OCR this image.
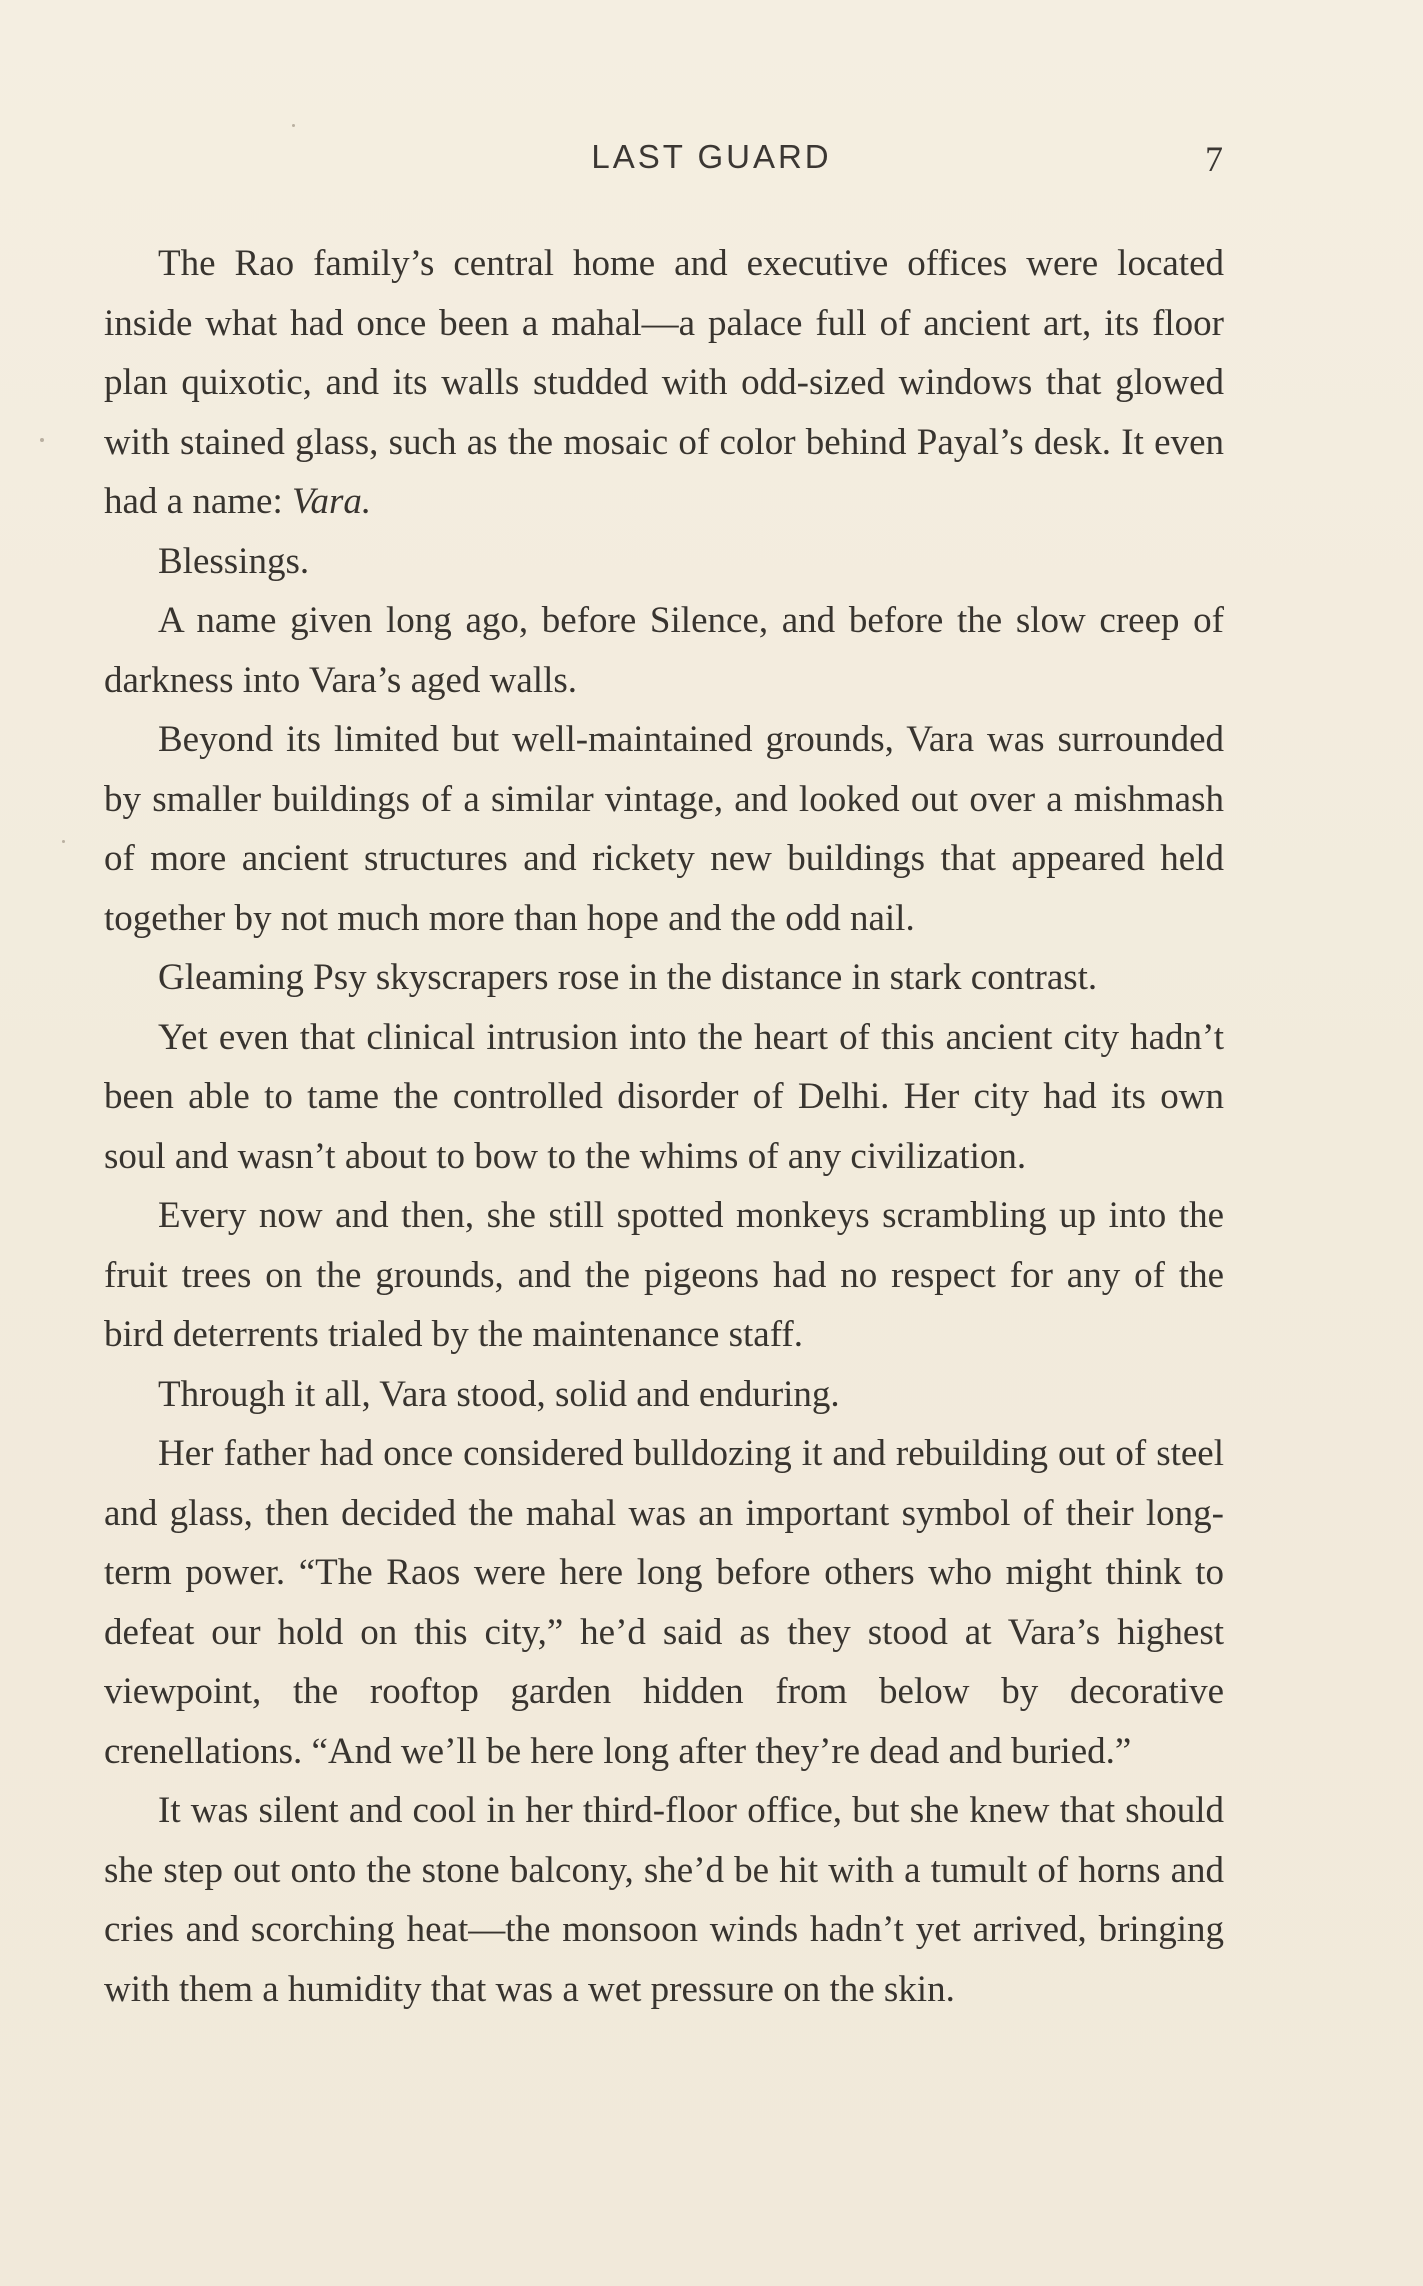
LAST GUARD	7

The Rao family’s central home and executive offices were located inside what had once been a mahal—a palace full of ancient art, its floor plan quixotic, and its walls studded with odd-sized windows that glowed with stained glass, such as the mosaic of color behind Payal’s desk. It even had a name: Vara.

Blessings.

A name given long ago, before Silence, and before the slow creep of darkness into Vara’s aged walls.

Beyond its limited but well-maintained grounds, Vara was surrounded by smaller buildings of a similar vintage, and looked out over a mishmash of more ancient structures and rickety new buildings that appeared held together by not much more than hope and the odd nail.

Gleaming Psy skyscrapers rose in the distance in stark contrast.

Yet even that clinical intrusion into the heart of this ancient city hadn’t been able to tame the controlled disorder of Delhi. Her city had its own soul and wasn’t about to bow to the whims of any civilization.

Every now and then, she still spotted monkeys scrambling up into the fruit trees on the grounds, and the pigeons had no respect for any of the bird deterrents trialed by the maintenance staff.

Through it all, Vara stood, solid and enduring.

Her father had once considered bulldozing it and rebuilding out of steel and glass, then decided the mahal was an important symbol of their long-term power. “The Raos were here long before others who might think to defeat our hold on this city,” he’d said as they stood at Vara’s highest viewpoint, the rooftop garden hidden from below by decorative crenellations. “And we’ll be here long after they’re dead and buried.”

It was silent and cool in her third-floor office, but she knew that should she step out onto the stone balcony, she’d be hit with a tumult of horns and cries and scorching heat—the monsoon winds hadn’t yet arrived, bringing with them a humidity that was a wet pressure on the skin.
